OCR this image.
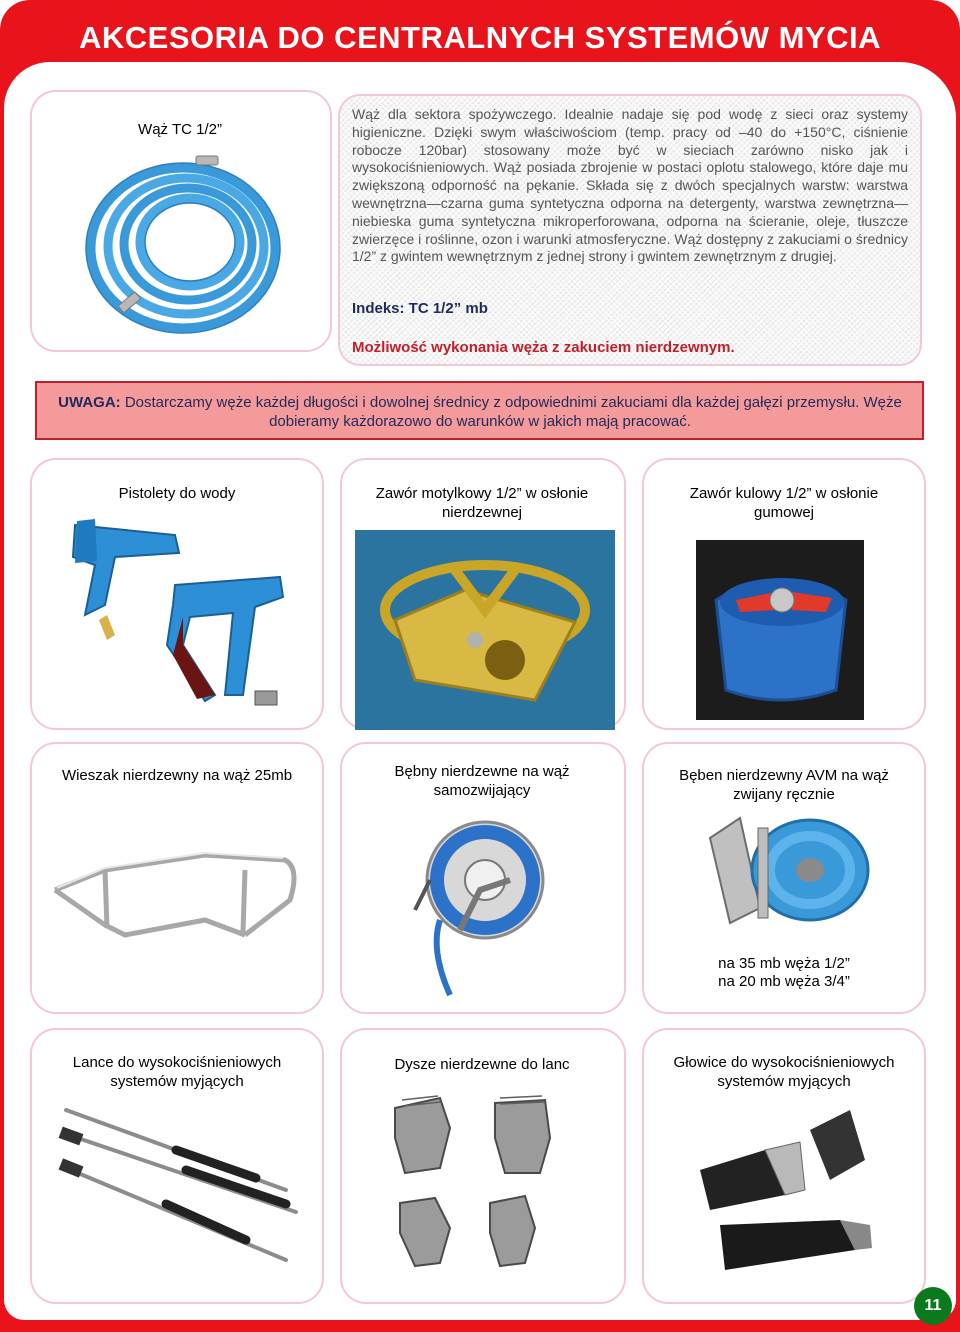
AKCESORIA DO CENTRALNYCH SYSTEMÓW MYCIA
Wąż TC 1/2”
Wąż dla sektora spożywczego. Idealnie nadaje się pod wodę z sieci oraz systemy higieniczne. Dzięki swym właściwościom (temp. pracy od –40 do +150°C, ciśnienie robocze 120bar) stosowany może być w sieciach zarówno nisko jak i wysokociśnieniowych. Wąż posiada zbrojenie w postaci oplotu stalowego, które daje mu zwiększoną odporność na pękanie. Składa się z dwóch specjalnych warstw: warstwa wewnętrzna—czarna guma syntetyczna odporna na detergenty, warstwa zewnętrzna—niebieska guma syntetyczna mikroperforowana, odporna na ścieranie, oleje, tłuszcze zwierzęce i roślinne, ozon i warunki atmosferyczne. Wąż dostępny z zakuciami o średnicy 1/2” z gwintem wewnętrznym z jednej strony i gwintem zewnętrznym z drugiej.
Indeks: TC 1/2” mb
Możliwość wykonania węża z zakuciem nierdzewnym.
UWAGA: Dostarczamy węże każdej długości i dowolnej średnicy z odpowiednimi zakuciami dla każdej gałęzi przemysłu. Węże dobieramy każdorazowo do warunków w jakich mają pracować.
Pistolety do wody	Zawór motylkowy 1/2” w osłonie nierdzewnej
Zawór kulowy 1/2” w osłonie gumowej
Wieszak nierdzewny na wąż 25mb	Bębny nierdzewne na wąż samozwijający
Bęben nierdzewny AVM na wąż zwijany ręcznie
na 35 mb węża 1/2”
na 20 mb węża 3/4”
Lance do wysokociśnieniowych systemów myjących
Dysze nierdzewne do lanc	Głowice do wysokociśnieniowych systemów myjących
11
